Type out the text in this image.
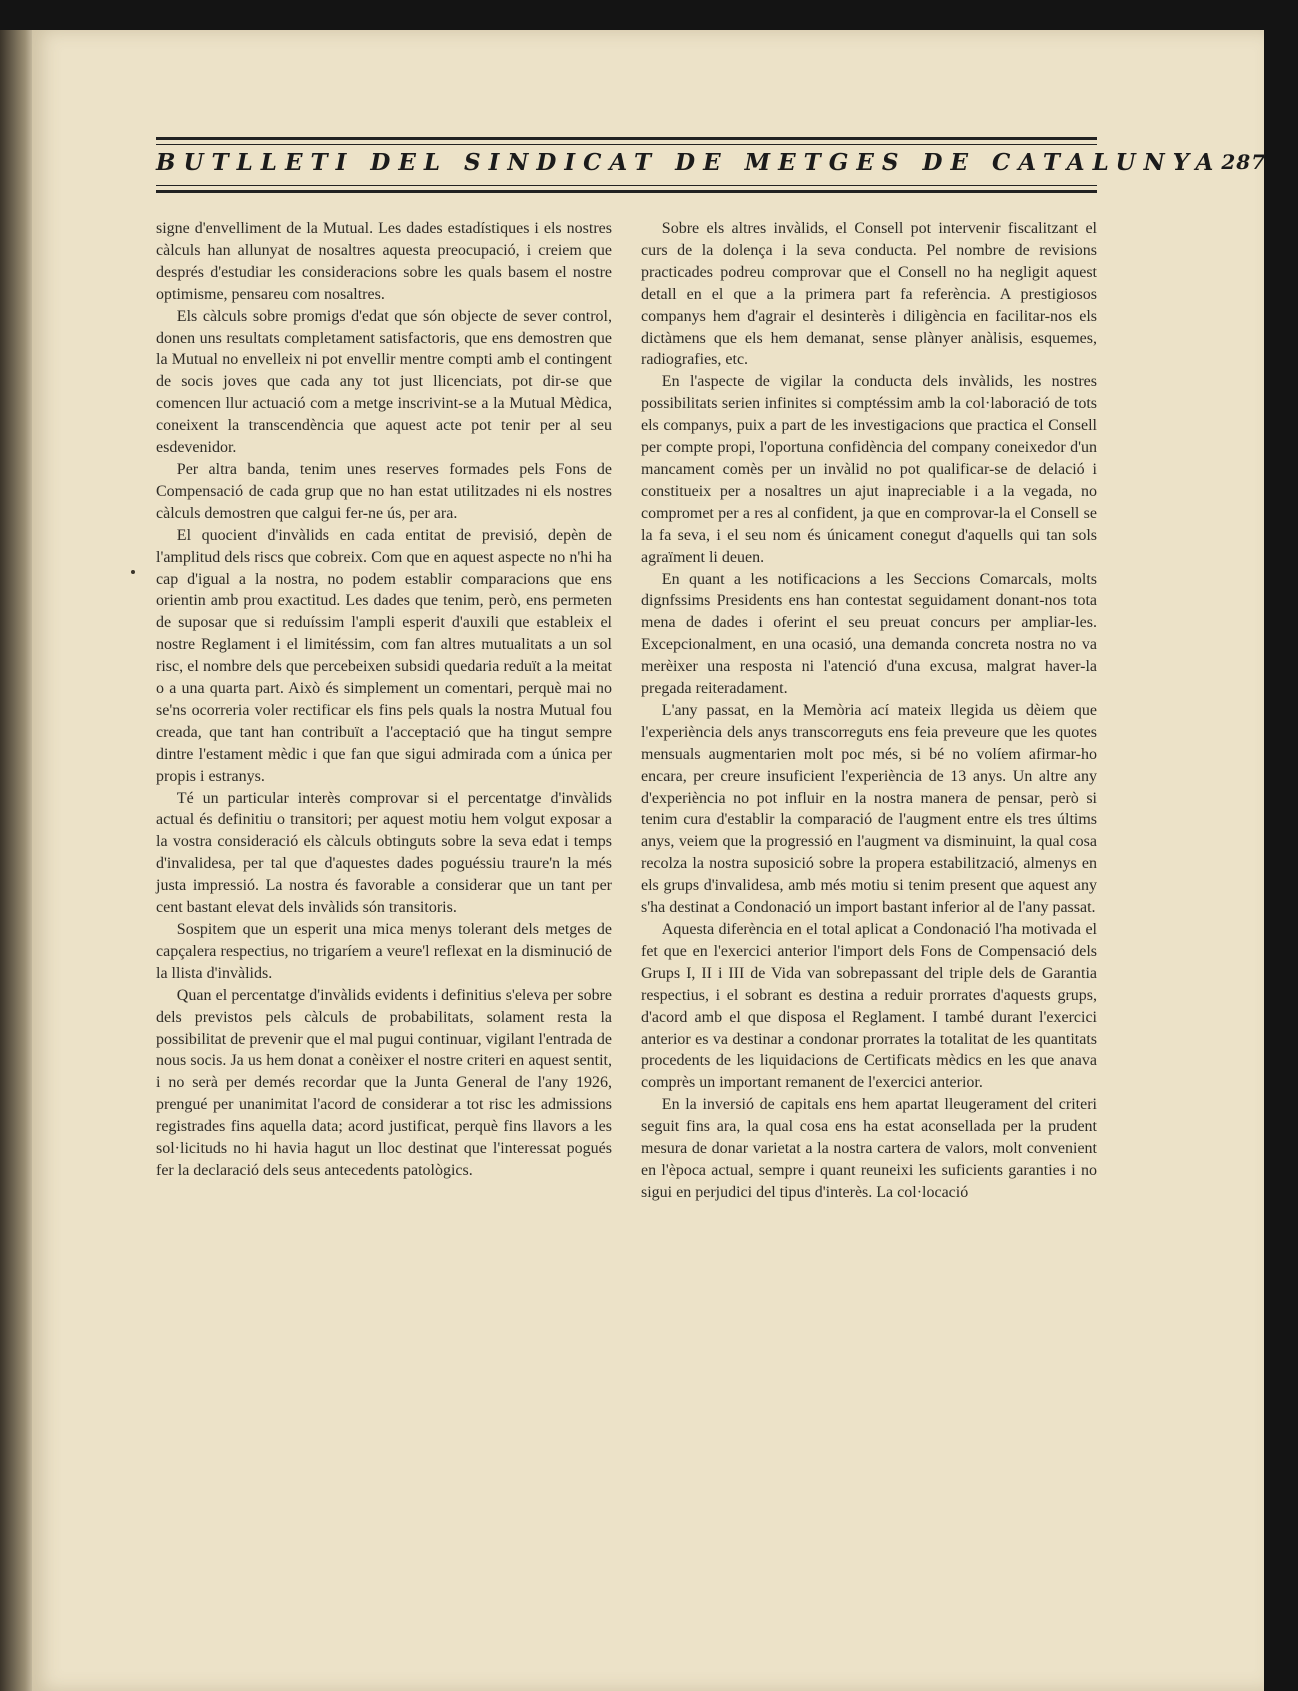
BUTLLETI DEL SINDICAT DE METGES DE CATALUNYA 287

signe d'envelliment de la Mutual. Les dades estadístiques i els nostres càlculs han allunyat de nosaltres aquesta preocupació, i creiem que després d'estudiar les consideracions sobre les quals basem el nostre optimisme, pensareu com nosaltres.

Els càlculs sobre promigs d'edat que són objecte de sever control, donen uns resultats completament satisfactoris, que ens demostren que la Mutual no envelleix ni pot envellir mentre compti amb el contingent de socis joves que cada any tot just llicenciats, pot dir-se que comencen llur actuació com a metge inscrivint-se a la Mutual Mèdica, coneixent la transcendència que aquest acte pot tenir per al seu esdevenidor.

Per altra banda, tenim unes reserves formades pels Fons de Compensació de cada grup que no han estat utilitzades ni els nostres càlculs demostren que calgui fer-ne ús, per ara.

El quocient d'invàlids en cada entitat de previsió, depèn de l'amplitud dels riscs que cobreix. Com que en aquest aspecte no n'hi ha cap d'igual a la nostra, no podem establir comparacions que ens orientin amb prou exactitud. Les dades que tenim, però, ens permeten de suposar que si reduíssim l'ampli esperit d'auxili que estableix el nostre Reglament i el limitéssim, com fan altres mutualitats a un sol risc, el nombre dels que percebeixen subsidi quedaria reduït a la meitat o a una quarta part. Això és simplement un comentari, perquè mai no se'ns ocorreria voler rectificar els fins pels quals la nostra Mutual fou creada, que tant han contribuït a l'acceptació que ha tingut sempre dintre l'estament mèdic i que fan que sigui admirada com a única per propis i estranys.

Té un particular interès comprovar si el percentatge d'invàlids actual és definitiu o transitori; per aquest motiu hem volgut exposar a la vostra consideració els càlculs obtinguts sobre la seva edat i temps d'invalidesa, per tal que d'aquestes dades poguéssiu traure'n la més justa impressió. La nostra és favorable a considerar que un tant per cent bastant elevat dels invàlids són transitoris.

Sospitem que un esperit una mica menys tolerant dels metges de capçalera respectius, no trigaríem a veure'l reflexat en la disminució de la llista d'invàlids.

Quan el percentatge d'invàlids evidents i definitius s'eleva per sobre dels previstos pels càlculs de probabilitats, solament resta la possibilitat de prevenir que el mal pugui continuar, vigilant l'entrada de nous socis. Ja us hem donat a conèixer el nostre criteri en aquest sentit, i no serà per demés recordar que la Junta General de l'any 1926, prengué per unanimitat l'acord de considerar a tot risc les admissions registrades fins aquella data; acord justificat, perquè fins llavors a les sol·licituds no hi havia hagut un lloc destinat que l'interessat pogués fer la declaració dels seus antecedents patològics.

Sobre els altres invàlids, el Consell pot intervenir fiscalitzant el curs de la dolença i la seva conducta. Pel nombre de revisions practicades podreu comprovar que el Consell no ha negligit aquest detall en el que a la primera part fa referència. A prestigiosos companys hem d'agrair el desinterès i diligència en facilitar-nos els dictàmens que els hem demanat, sense plànyer anàlisis, esquemes, radiografies, etc.

En l'aspecte de vigilar la conducta dels invàlids, les nostres possibilitats serien infinites si comptéssim amb la col·laboració de tots els companys, puix a part de les investigacions que practica el Consell per compte propi, l'oportuna confidència del company coneixedor d'un mancament comès per un invàlid no pot qualificar-se de delació i constitueix per a nosaltres un ajut inapreciable i a la vegada, no compromet per a res al confident, ja que en comprovar-la el Consell se la fa seva, i el seu nom és únicament conegut d'aquells qui tan sols agraïment li deuen.

En quant a les notificacions a les Seccions Comarcals, molts dignfssims Presidents ens han contestat seguidament donant-nos tota mena de dades i oferint el seu preuat concurs per ampliar-les. Excepcionalment, en una ocasió, una demanda concreta nostra no va merèixer una resposta ni l'atenció d'una excusa, malgrat haver-la pregada reiteradament.

L'any passat, en la Memòria ací mateix llegida us dèiem que l'experiència dels anys transcorreguts ens feia preveure que les quotes mensuals augmentarien molt poc més, si bé no volíem afirmar-ho encara, per creure insuficient l'experiència de 13 anys. Un altre any d'experiència no pot influir en la nostra manera de pensar, però si tenim cura d'establir la comparació de l'augment entre els tres últims anys, veiem que la progressió en l'augment va disminuint, la qual cosa recolza la nostra suposició sobre la propera estabilització, almenys en els grups d'invalidesa, amb més motiu si tenim present que aquest any s'ha destinat a Condonació un import bastant inferior al de l'any passat.

Aquesta diferència en el total aplicat a Condonació l'ha motivada el fet que en l'exercici anterior l'import dels Fons de Compensació dels Grups I, II i III de Vida van sobrepassant del triple dels de Garantia respectius, i el sobrant es destina a reduir prorrates d'aquests grups, d'acord amb el que disposa el Reglament. I també durant l'exercici anterior es va destinar a condonar prorrates la totalitat de les quantitats procedents de les liquidacions de Certificats mèdics en les que anava comprès un important remanent de l'exercici anterior.

En la inversió de capitals ens hem apartat lleugerament del criteri seguit fins ara, la qual cosa ens ha estat aconsellada per la prudent mesura de donar varietat a la nostra cartera de valors, molt convenient en l'època actual, sempre i quant reuneixi les suficients garanties i no sigui en perjudici del tipus d'interès. La col·locació
